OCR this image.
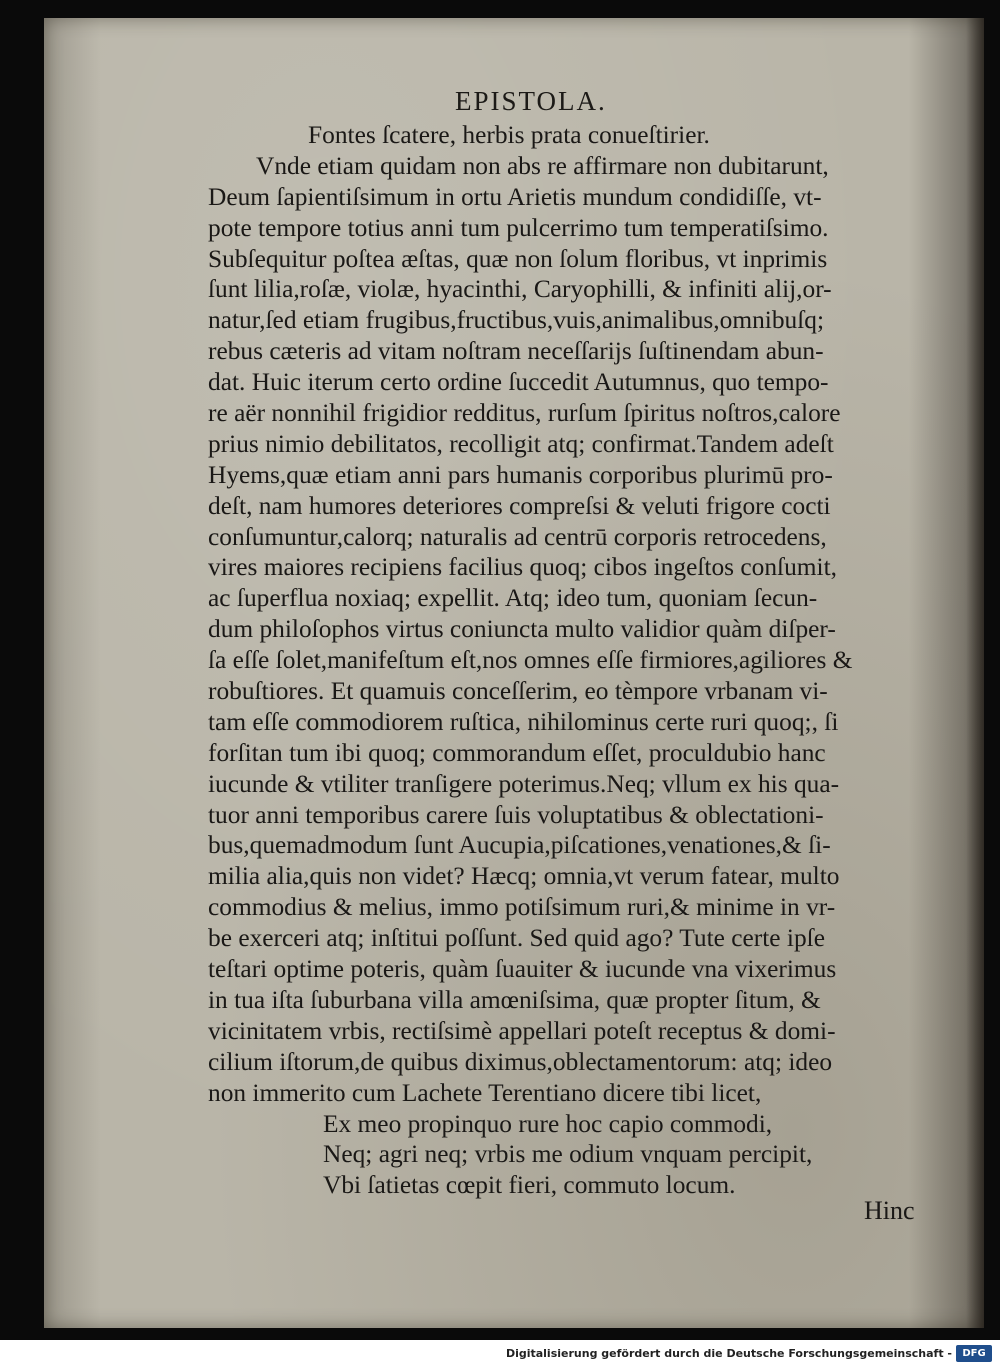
EPISTOLA.
Fontes ſcatere, herbis prata conueſtirier.
Vnde etiam quidam non abs re affirmare non dubitarunt,
Deum ſapientiſsimum in ortu Arietis mundum condidiſſe, vt-
pote tempore totius anni tum pulcerrimo tum temperatiſsimo.
Subſequitur poſtea æſtas, quæ non ſolum floribus, vt inprimis
ſunt lilia,roſæ, violæ, hyacinthi, Caryophilli, & infiniti alij,or-
natur,ſed etiam frugibus,fructibus,vuis,animalibus,omnibuſq;
rebus cæteris ad vitam noſtram neceſſarijs ſuſtinendam abun-
dat. Huic iterum certo ordine ſuccedit Autumnus, quo tempo-
re aër nonnihil frigidior redditus, rurſum ſpiritus noſtros,calore
prius nimio debilitatos, recolligit atq; confirmat.Tandem adeſt
Hyems,quæ etiam anni pars humanis corporibus plurimū pro-
deſt, nam humores deteriores compreſsi & veluti frigore cocti
conſumuntur,calorq; naturalis ad centrū corporis retrocedens,
vires maiores recipiens facilius quoq; cibos ingeſtos conſumit,
ac ſuperflua noxiaq; expellit. Atq; ideo tum, quoniam ſecun-
dum philoſophos virtus coniuncta multo validior quàm diſper-
ſa eſſe ſolet,manifeſtum eſt,nos omnes eſſe firmiores,agiliores &
robuſtiores. Et quamuis conceſſerim, eo tèmpore vrbanam vi-
tam eſſe commodiorem ruſtica, nihilominus certe ruri quoq;, ſi
forſitan tum ibi quoq; commorandum eſſet, proculdubio hanc
iucunde & vtiliter tranſigere poterimus.Neq; vllum ex his qua-
tuor anni temporibus carere ſuis voluptatibus & oblectationi-
bus,quemadmodum ſunt Aucupia,piſcationes,venationes,& ſi-
milia alia,quis non videt? Hæcq; omnia,vt verum fatear, multo
commodius & melius, immo potiſsimum ruri,& minime in vr-
be exerceri atq; inſtitui poſſunt. Sed quid ago? Tute certe ipſe
teſtari optime poteris, quàm ſuauiter & iucunde vna vixerimus
in tua iſta ſuburbana villa amœniſsima, quæ propter ſitum, &
vicinitatem vrbis, rectiſsimè appellari poteſt receptus & domi-
cilium iſtorum,de quibus diximus,oblectamentorum: atq; ideo
non immerito cum Lachete Terentiano dicere tibi licet,
Ex meo propinquo rure hoc capio commodi,
Neq; agri neq; vrbis me odium vnquam percipit,
Vbi ſatietas cœpit fieri, commuto locum.
Hinc
Digitalisierung gefördert durch die Deutsche Forschungsgemeinschaft -	DFG
